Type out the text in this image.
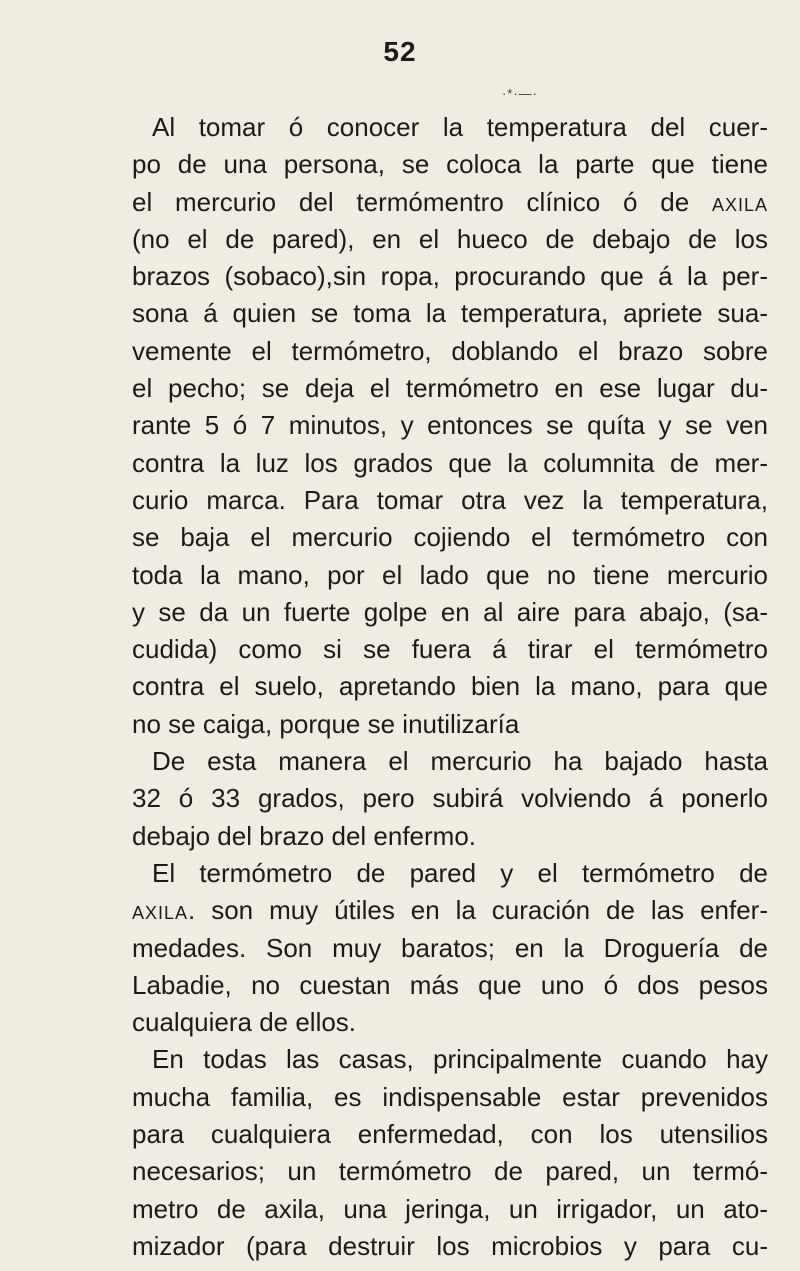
52
·*·—·
Al tomar ó conocer la temperatura del cuer-
po de una persona, se coloca la parte que tiene
el mercurio del termómentro clínico ó de axila
(no el de pared), en el hueco de debajo de los
brazos (sobaco),sin ropa, procurando que á la per-
sona á quien se toma la temperatura, apriete sua-
vemente el termómetro, doblando el brazo sobre
el pecho; se deja el termómetro en ese lugar du-
rante 5 ó 7 minutos, y entonces se quíta y se ven
contra la luz los grados que la columnita de mer-
curio marca. Para tomar otra vez la temperatura,
se baja el mercurio cojiendo el termómetro con
toda la mano, por el lado que no tiene mercurio
y se da un fuerte golpe en al aire para abajo, (sa-
cudida) como si se fuera á tirar el termómetro
contra el suelo, apretando bien la mano, para que
no se caiga, porque se inutilizaría
De esta manera el mercurio ha bajado hasta
32 ó 33 grados, pero subirá volviendo á ponerlo
debajo del brazo del enfermo.
El termómetro de pared y el termómetro de
axila. son muy útiles en la curación de las enfer-
medades. Son muy baratos; en la Droguería de
Labadie, no cuestan más que uno ó dos pesos
cualquiera de ellos.
En todas las casas, principalmente cuando hay
mucha familia, es indispensable estar prevenidos
para cualquiera enfermedad, con los utensilios
necesarios; un termómetro de pared, un termó-
metro de axila, una jeringa, un irrigador, un ato-
mizador (para destruir los microbios y para cu-
